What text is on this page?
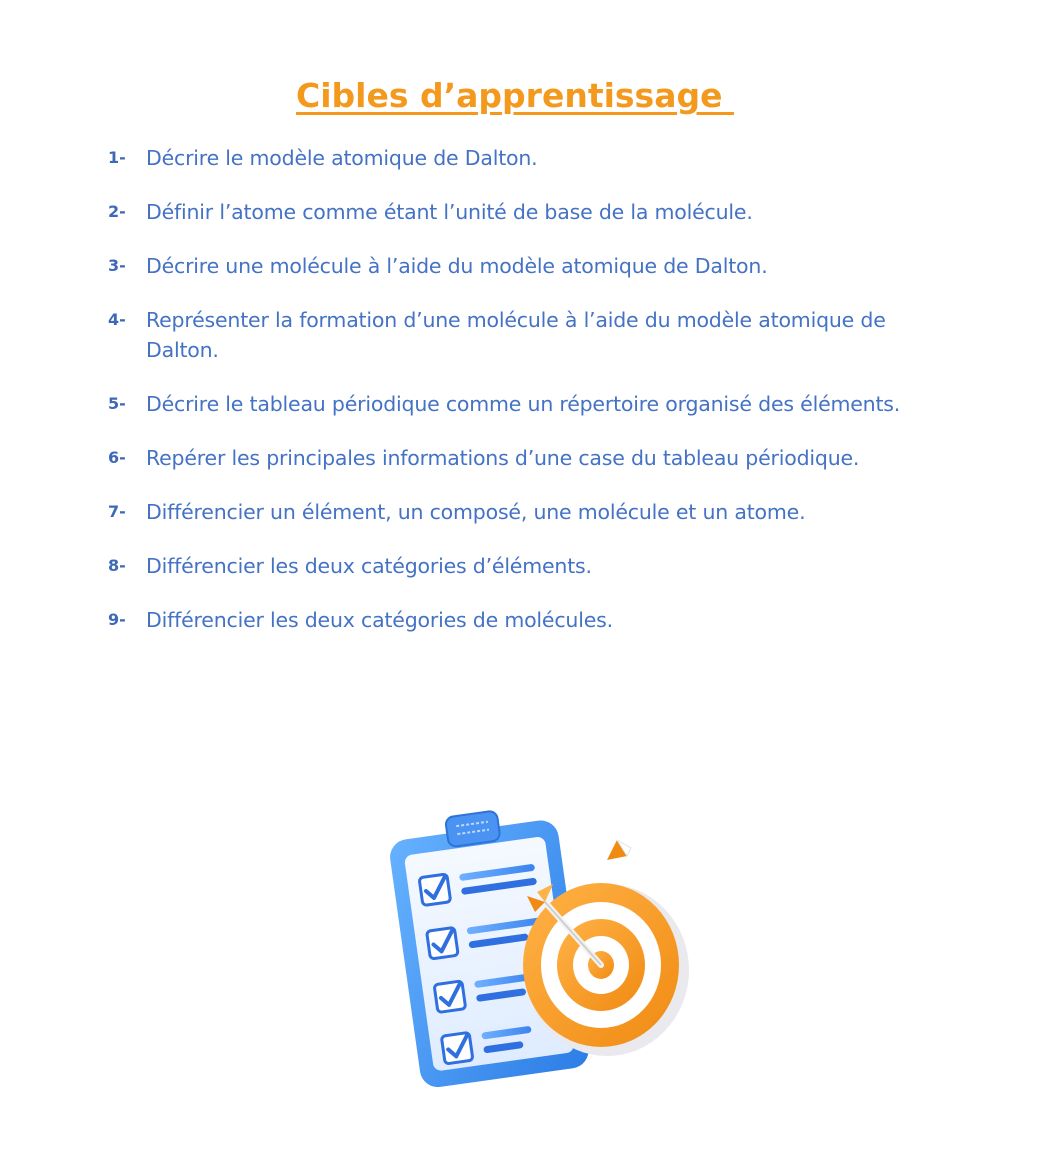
Cibles d’apprentissage
1- Décrire le modèle atomique de Dalton.
2- Définir l’atome comme étant l’unité de base de la molécule.
3- Décrire une molécule à l’aide du modèle atomique de Dalton.
4- Représenter la formation d’une molécule à l’aide du modèle atomique de Dalton.
5- Décrire le tableau périodique comme un répertoire organisé des éléments.
6- Repérer les principales informations d’une case du tableau périodique.
7- Différencier un élément, un composé, une molécule et un atome.
8- Différencier les deux catégories d’éléments.
9- Différencier les deux catégories de molécules.
